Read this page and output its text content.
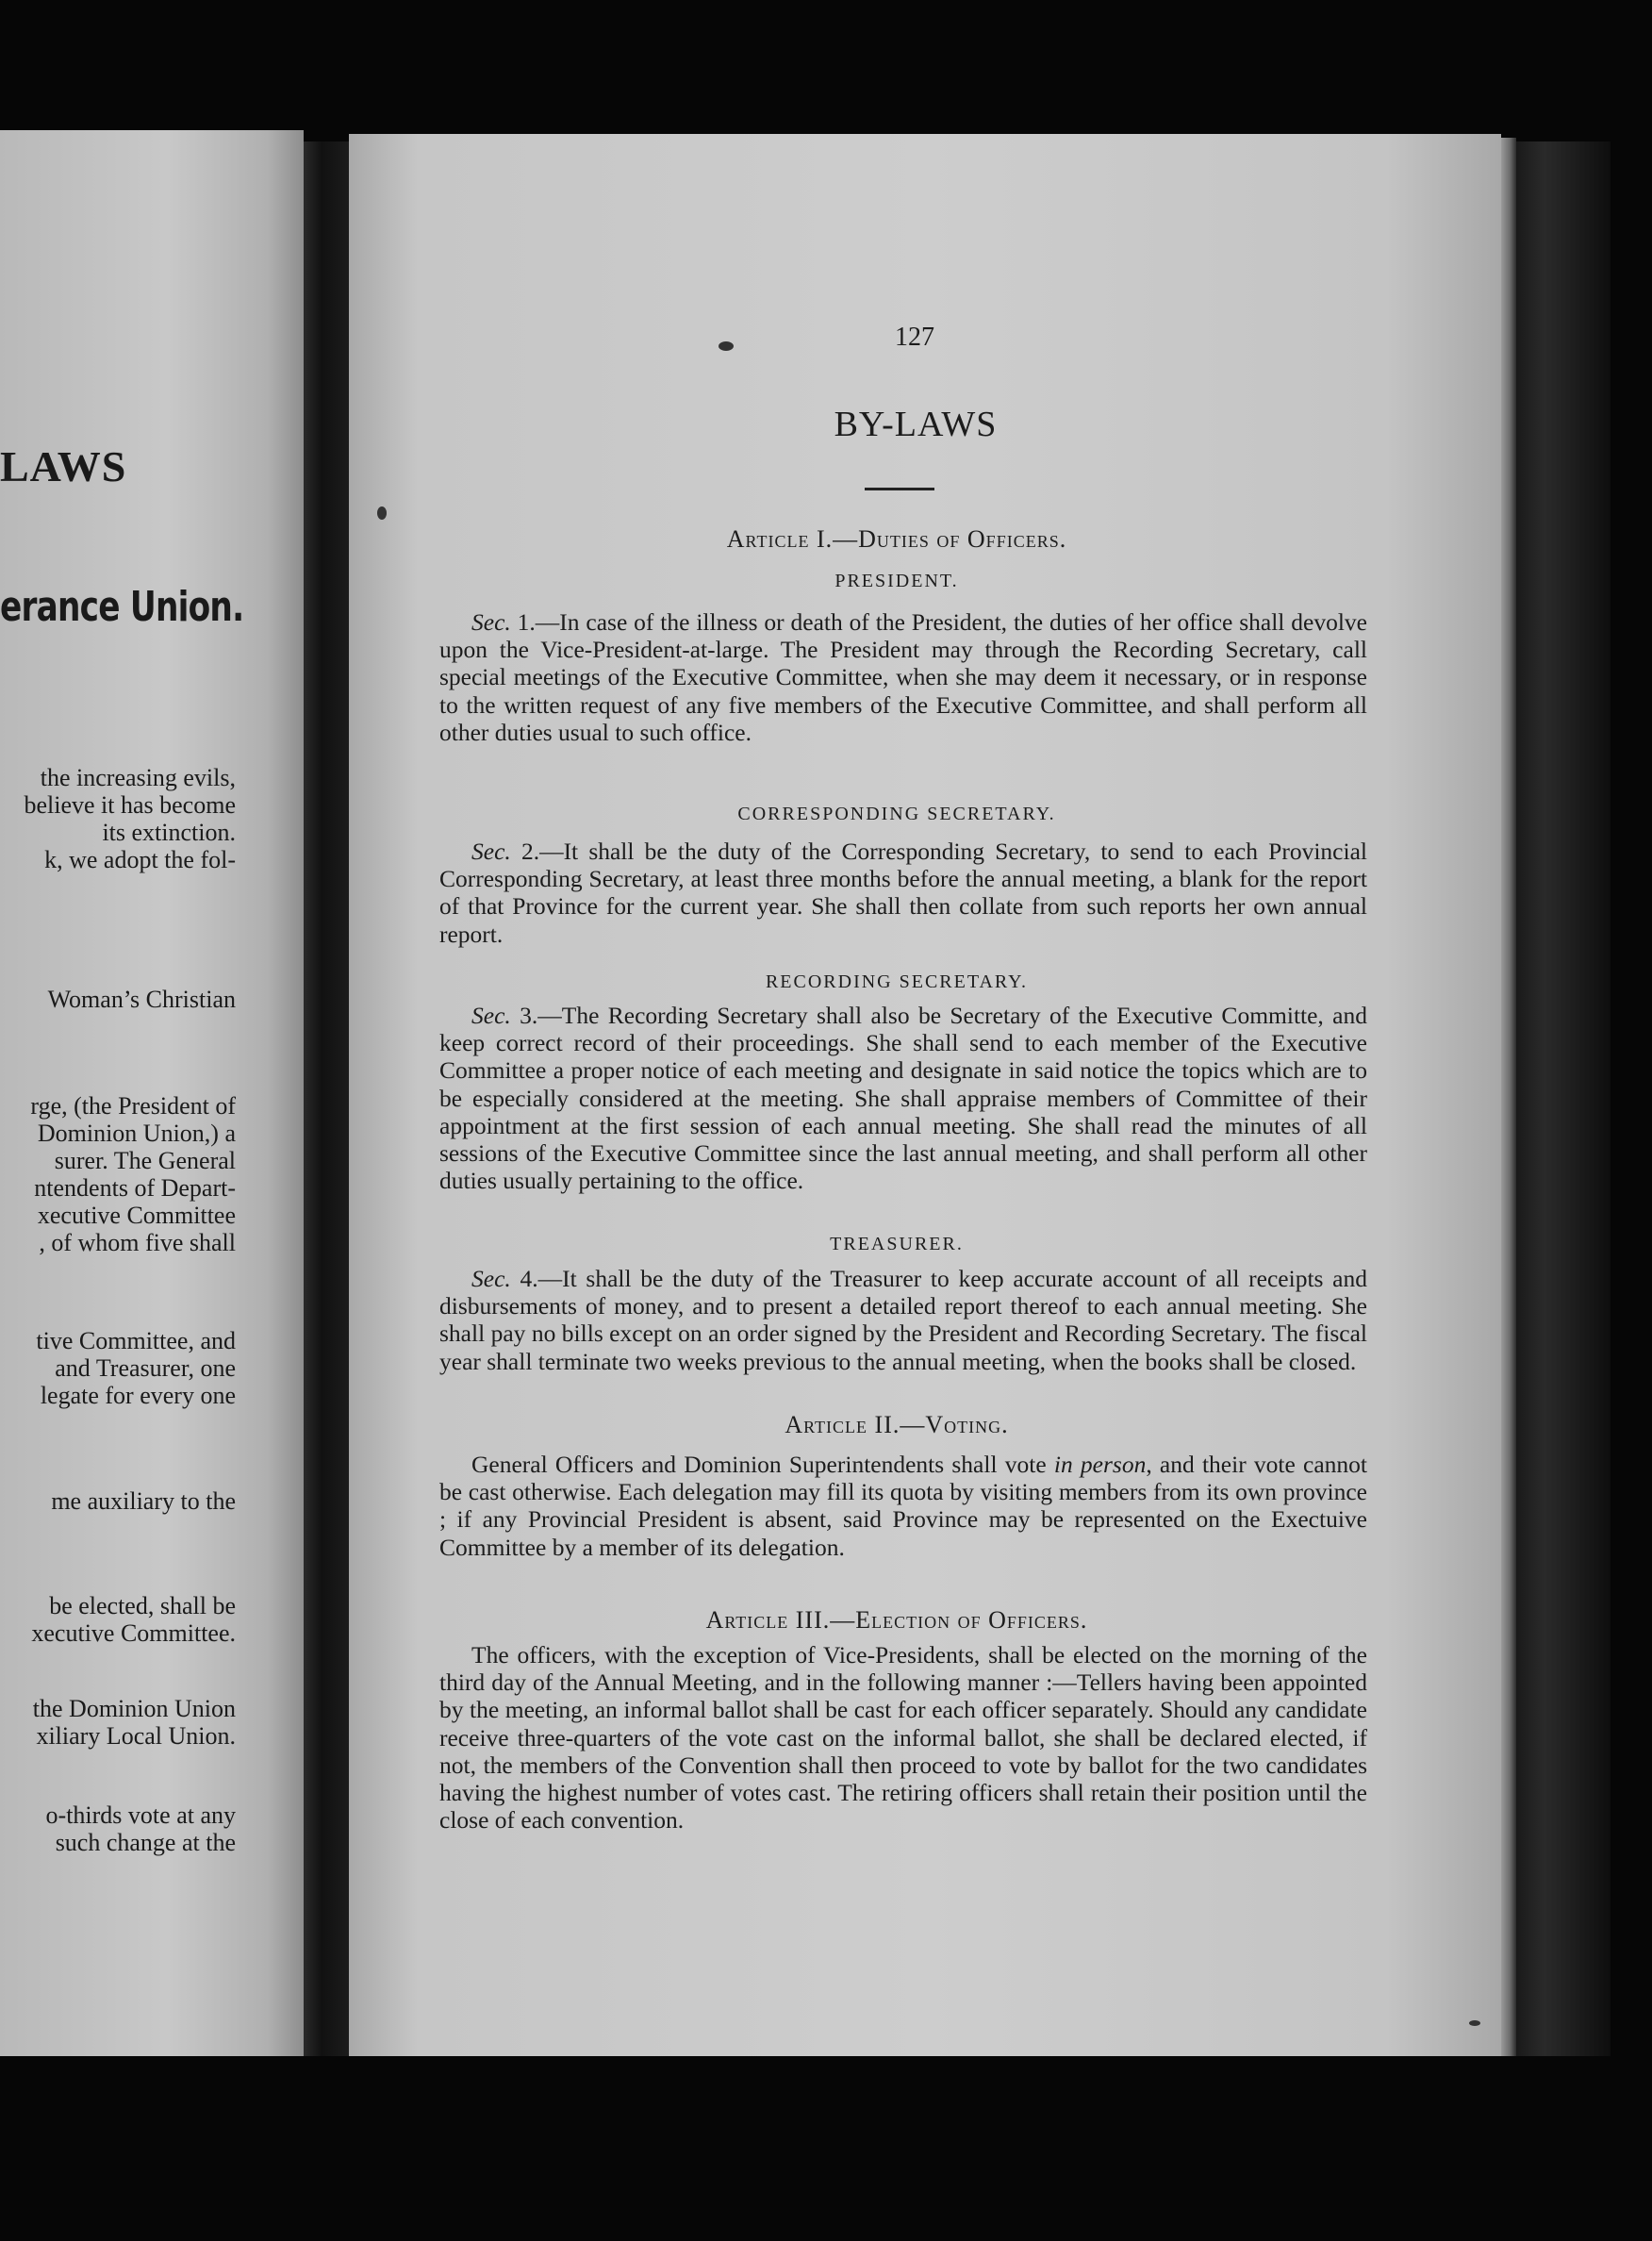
LAWS
erance Union.
the increasing evils,
believe it has become
its extinction.
k, we adopt the fol-
Woman’s Christian
rge, (the President of
Dominion Union,) a
surer. The General
ntendents of Depart-
xecutive Committee
, of whom five shall
tive Committee, and
and Treasurer, one
legate for every one
me auxiliary to the
be elected, shall be
xecutive Committee.
the Dominion Union
xiliary Local Union.
o-thirds vote at any
such change at the
127
BY-LAWS
Article I.—Duties of Officers.
PRESIDENT.
Sec. 1.—In case of the illness or death of the President, the duties of her office shall devolve upon the Vice-President-at-large. The President may through the Recording Secretary, call special meetings of the Executive Committee, when she may deem it necessary, or in response to the written request of any five members of the Executive Committee, and shall perform all other duties usual to such office.
CORRESPONDING SECRETARY.
Sec. 2.—It shall be the duty of the Corresponding Secretary, to send to each Provincial Corresponding Secretary, at least three months before the annual meeting, a blank for the report of that Province for the current year. She shall then collate from such reports her own annual report.
RECORDING SECRETARY.
Sec. 3.—The Recording Secretary shall also be Secretary of the Executive Committe, and keep correct record of their proceedings. She shall send to each member of the Executive Committee a proper notice of each meeting and designate in said notice the topics which are to be especially considered at the meeting. She shall appraise members of Committee of their appointment at the first session of each annual meeting. She shall read the minutes of all sessions of the Executive Committee since the last annual meeting, and shall perform all other duties usually pertaining to the office.
TREASURER.
Sec. 4.—It shall be the duty of the Treasurer to keep accurate account of all receipts and disbursements of money, and to present a detailed report thereof to each annual meeting. She shall pay no bills except on an order signed by the President and Recording Secretary. The fiscal year shall terminate two weeks previous to the annual meeting, when the books shall be closed.
Article II.—Voting.
General Officers and Dominion Superintendents shall vote in person, and their vote cannot be cast otherwise. Each delegation may fill its quota by visiting members from its own province ; if any Provincial President is absent, said Province may be represented on the Exectuive Committee by a member of its delegation.
Article III.—Election of Officers.
The officers, with the exception of Vice-Presidents, shall be elected on the morning of the third day of the Annual Meeting, and in the following manner :—Tellers having been appointed by the meeting, an informal ballot shall be cast for each officer separately. Should any candidate receive three-quarters of the vote cast on the informal ballot, she shall be declared elected, if not, the members of the Convention shall then proceed to vote by ballot for the two candidates having the highest number of votes cast. The retiring officers shall retain their position until the close of each convention.
